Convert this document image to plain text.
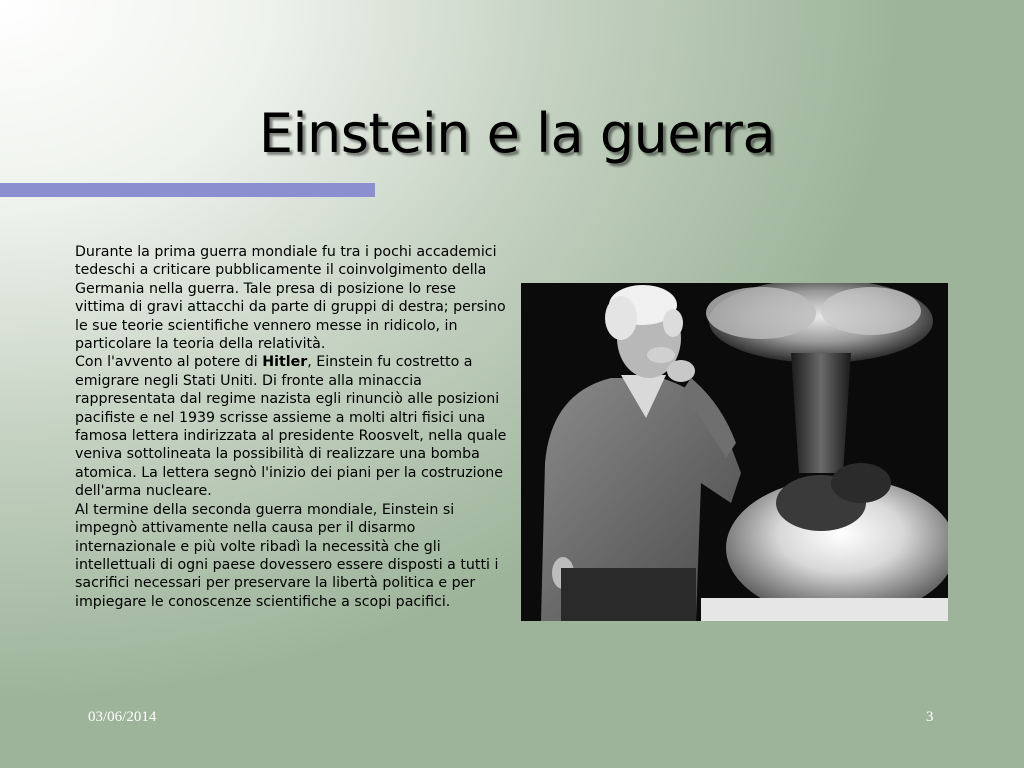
Einstein e la guerra

Durante la prima guerra mondiale fu tra i pochi accademici tedeschi a criticare pubblicamente il coinvolgimento della Germania nella guerra. Tale presa di posizione lo rese vittima di gravi attacchi da parte di gruppi di destra; persino le sue teorie scientifiche vennero messe in ridicolo, in particolare la teoria della relatività.

Con l'avvento al potere di Hitler, Einstein fu costretto a emigrare negli Stati Uniti. Di fronte alla minaccia rappresentata dal regime nazista egli rinunciò alle posizioni pacifiste e nel 1939 scrisse assieme a molti altri fisici una famosa lettera indirizzata al presidente Roosvelt, nella quale veniva sottolineata la possibilità di realizzare una bomba atomica. La lettera segnò l'inizio dei piani per la costruzione dell'arma nucleare.

Al termine della seconda guerra mondiale, Einstein si impegnò attivamente nella causa per il disarmo internazionale e più volte ribadì la necessità che gli intellettuali di ogni paese dovessero essere disposti a tutti i sacrifici necessari per preservare la libertà politica e per impiegare le conoscenze scientifiche a scopi pacifici.

03/06/2014	3
